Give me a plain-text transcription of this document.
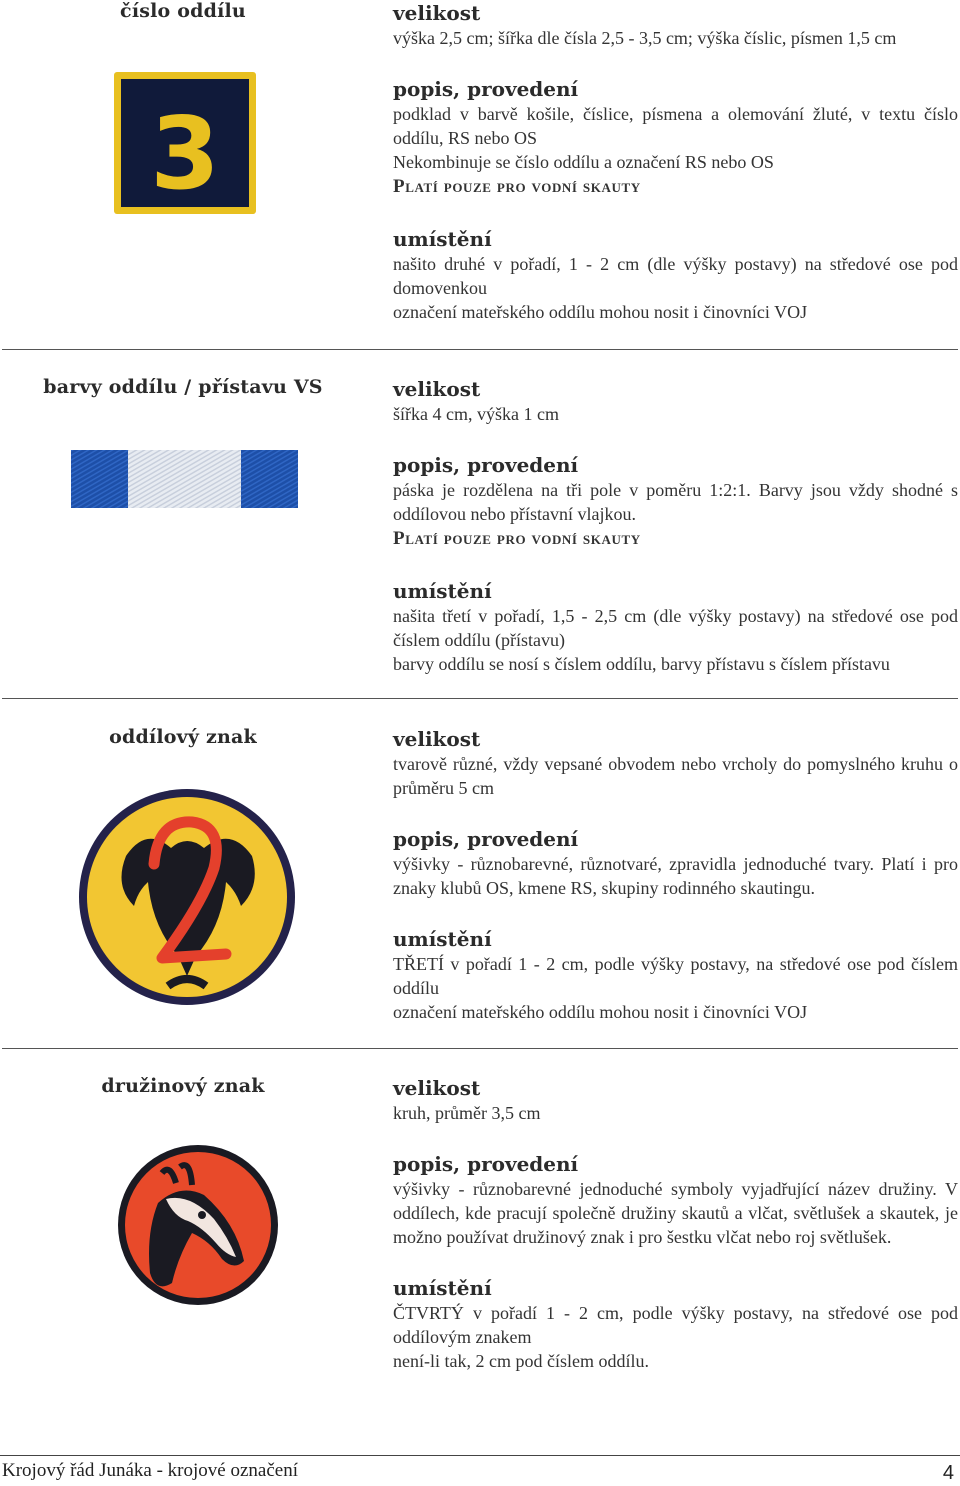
číslo oddílu
3
velikost
výška 2,5 cm; šířka dle čísla 2,5 - 3,5 cm; výška číslic, písmen 1,5 cm
popis, provedení
podklad v barvě košile, číslice, písmena a olemování žluté, v textu číslo oddílu, RS nebo OS
Nekombinuje se číslo oddílu a označení RS nebo OS
Platí pouze pro vodní skauty
umístění
našito druhé v pořadí, 1 - 2 cm (dle výšky postavy) na středové ose pod domovenkou
označení mateřského oddílu mohou nosit i činovníci VOJ
barvy oddílu / přístavu VS	velikost
šířka 4 cm, výška 1 cm
popis, provedení
páska je rozdělena na tři pole v poměru 1:2:1. Barvy jsou vždy shodné s oddílovou nebo přístavní vlajkou.
Platí pouze pro vodní skauty
umístění
našita třetí v pořadí, 1,5 - 2,5 cm (dle výšky postavy) na středové ose pod číslem oddílu (přístavu)
barvy oddílu se nosí s číslem oddílu, barvy přístavu s číslem přístavu
oddílový znak	velikost
tvarově různé, vždy vepsané obvodem nebo vrcholy do pomyslného kruhu o průměru 5 cm
popis, provedení
výšivky - různobarevné, různotvaré, zpravidla jednoduché tvary. Platí i pro znaky klubů OS, kmene RS, skupiny rodinného skautingu.
umístění
TŘETÍ v pořadí 1 - 2 cm, podle výšky postavy, na středové ose pod číslem oddílu
označení mateřského oddílu mohou nosit i činovníci VOJ
družinový znak	velikost
kruh, průměr 3,5 cm
popis, provedení
výšivky - různobarevné jednoduché symboly vyjadřující název družiny. V oddílech, kde pracují společně družiny skautů a vlčat, světlušek a skautek, je možno používat družinový znak i pro šestku vlčat nebo roj světlušek.
umístění
ČTVRTÝ v pořadí 1 - 2 cm, podle výšky postavy, na středové ose pod oddílovým znakem
není-li tak, 2 cm pod číslem oddílu.
Krojový řád Junáka - krojové označení	4
